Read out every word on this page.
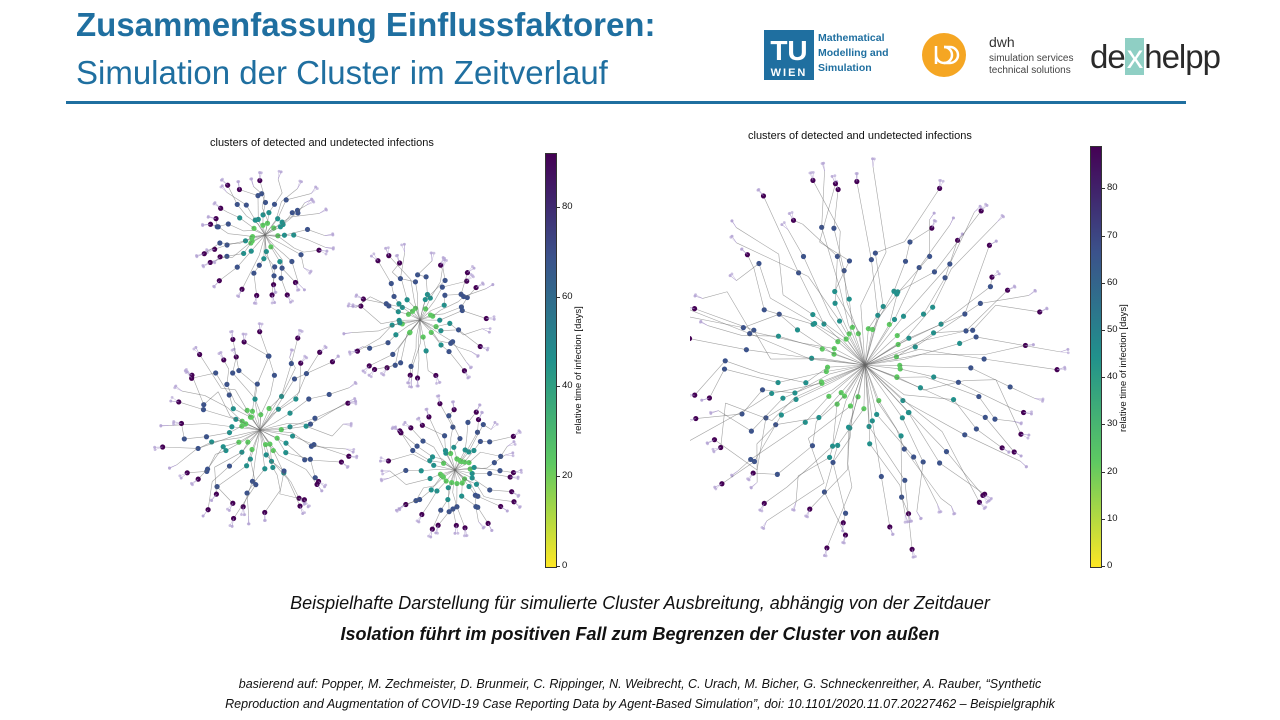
Zusammenfassung Einflussfaktoren:
Simulation der Cluster im Zeitverlauf
TU
WIEN
Mathematical
Modelling and
Simulation
dwh
simulation services
technical solutions dexhelpp
clusters of detected and undetected infections
0
20
40
60
80
relative time of infection [days]
clusters of detected and undetected infections
0
10
20
30
40
50
60
70
80
relative time of infection [days]
Beispielhafte Darstellung für simulierte Cluster Ausbreitung, abhängig von der Zeitdauer
Isolation führt im positiven Fall zum Begrenzen der Cluster von außen
basierend auf: Popper, M. Zechmeister, D. Brunmeir, C. Rippinger, N. Weibrecht, C. Urach, M. Bicher, G. Schneckenreither, A. Rauber, “Synthetic
Reproduction and Augmentation of COVID-19 Case Reporting Data by Agent-Based Simulation”, doi: 10.1101/2020.11.07.20227462 – Beispielgraphik
